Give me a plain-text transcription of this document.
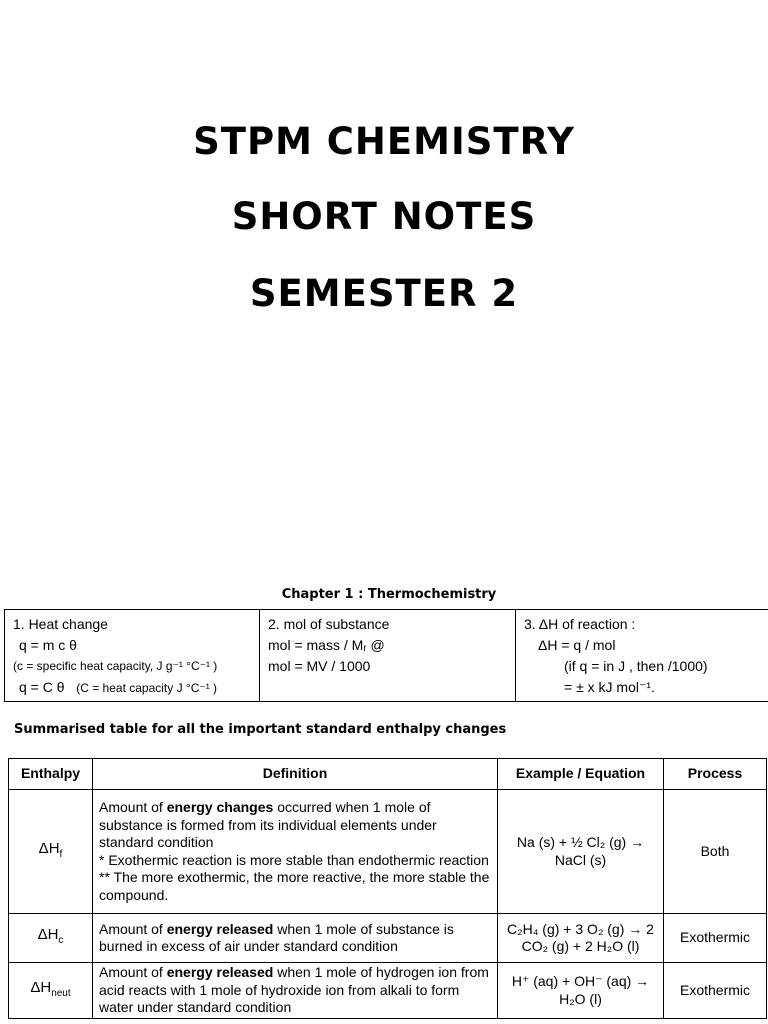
STPM CHEMISTRY
SHORT NOTES
SEMESTER 2
Chapter 1 : Thermochemistry
1. Heat change
q = m c θ
(c = specific heat capacity, J g⁻¹ °C⁻¹ )
q = C θ (C = heat capacity J °C⁻¹ )

2. mol of substance
mol = mass / Mᵣ @
mol = MV / 1000

3. ΔH of reaction :
ΔH = q / mol
(if q = in J , then /1000)
= ± x kJ mol⁻¹.
Summarised table for all the important standard enthalpy changes
Enthalpy	Definition	Example / Equation	Process
$\Delta H_f$	Amount of energy changes occurred when 1 mole of substance is formed from its individual elements under standard condition
* Exothermic reaction is more stable than endothermic reaction
** The more exothermic, the more reactive, the more stable the compound.	Na (s) + ½ Cl₂ (g) → NaCl (s)	Both
$\Delta H_c$	Amount of energy released when 1 mole of substance is burned in excess of air under standard condition	C₂H₄ (g) + 3 O₂ (g) → 2 CO₂ (g) + 2 H₂O (l)	Exothermic
$\Delta H_{neut}$	Amount of energy released when 1 mole of hydrogen ion from acid reacts with 1 mole of hydroxide ion from alkali to form water under standard condition	H⁺ (aq) + OH⁻ (aq) → H₂O (l)	Exothermic
